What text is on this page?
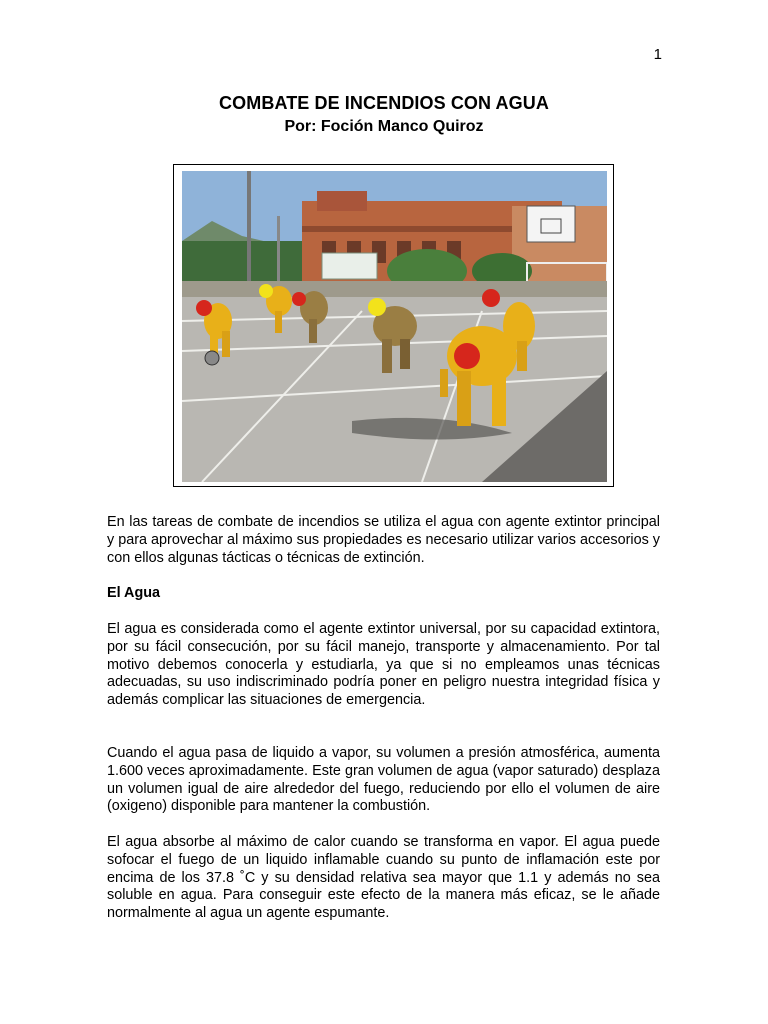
1
COMBATE DE INCENDIOS CON AGUA
Por: Foción Manco Quiroz
En las tareas de combate de incendios se utiliza el agua con agente extintor principal y para aprovechar al máximo sus propiedades es necesario utilizar varios accesorios y con ellos algunas tácticas o técnicas de extinción.
El Agua
El agua es considerada como el agente extintor universal, por su capacidad extintora, por su fácil consecución, por su fácil manejo, transporte y almacenamiento. Por tal motivo debemos conocerla y estudiarla, ya que si no empleamos unas técnicas adecuadas, su uso indiscriminado podría poner en peligro nuestra integridad física y además complicar las situaciones de emergencia.
Cuando el agua pasa de liquido a vapor, su volumen a presión atmosférica, aumenta 1.600 veces aproximadamente. Este gran volumen de agua (vapor saturado) desplaza un volumen igual de aire alrededor del fuego, reduciendo por ello el volumen de aire (oxigeno) disponible para mantener la combustión.
El agua absorbe al máximo de calor cuando se transforma en vapor. El agua puede sofocar el fuego de un liquido inflamable cuando su punto de inflamación este por encima de los 37.8 ˚C y su densidad relativa sea mayor que 1.1 y además no sea soluble en agua. Para conseguir este efecto de la manera más eficaz, se le añade normalmente al agua un agente espumante.
